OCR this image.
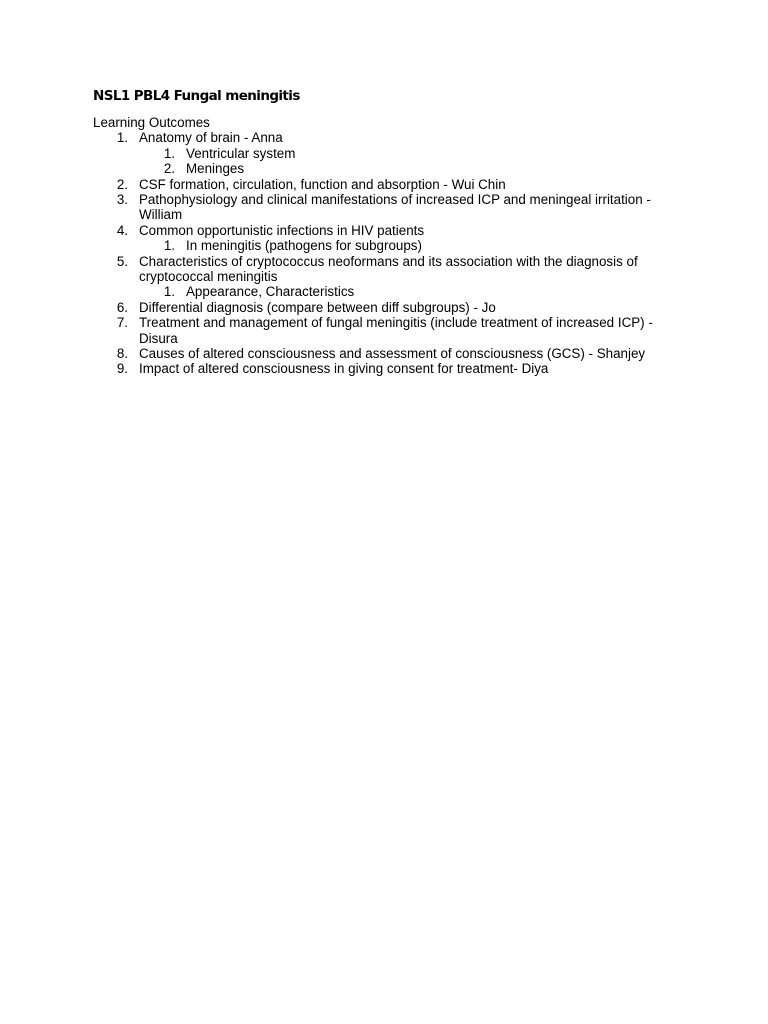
NSL1 PBL4 Fungal meningitis
Learning Outcomes
1. Anatomy of brain - Anna
1. Ventricular system
2. Meninges
2. CSF formation, circulation, function and absorption - Wui Chin
3. Pathophysiology and clinical manifestations of increased ICP and meningeal irritation - William
4. Common opportunistic infections in HIV patients
1. In meningitis (pathogens for subgroups)
5. Characteristics of cryptococcus neoformans and its association with the diagnosis of cryptococcal meningitis
1. Appearance, Characteristics
6. Differential diagnosis (compare between diff subgroups) - Jo
7. Treatment and management of fungal meningitis (include treatment of increased ICP) - Disura
8. Causes of altered consciousness and assessment of consciousness (GCS) - Shanjey
9. Impact of altered consciousness in giving consent for treatment- Diya
